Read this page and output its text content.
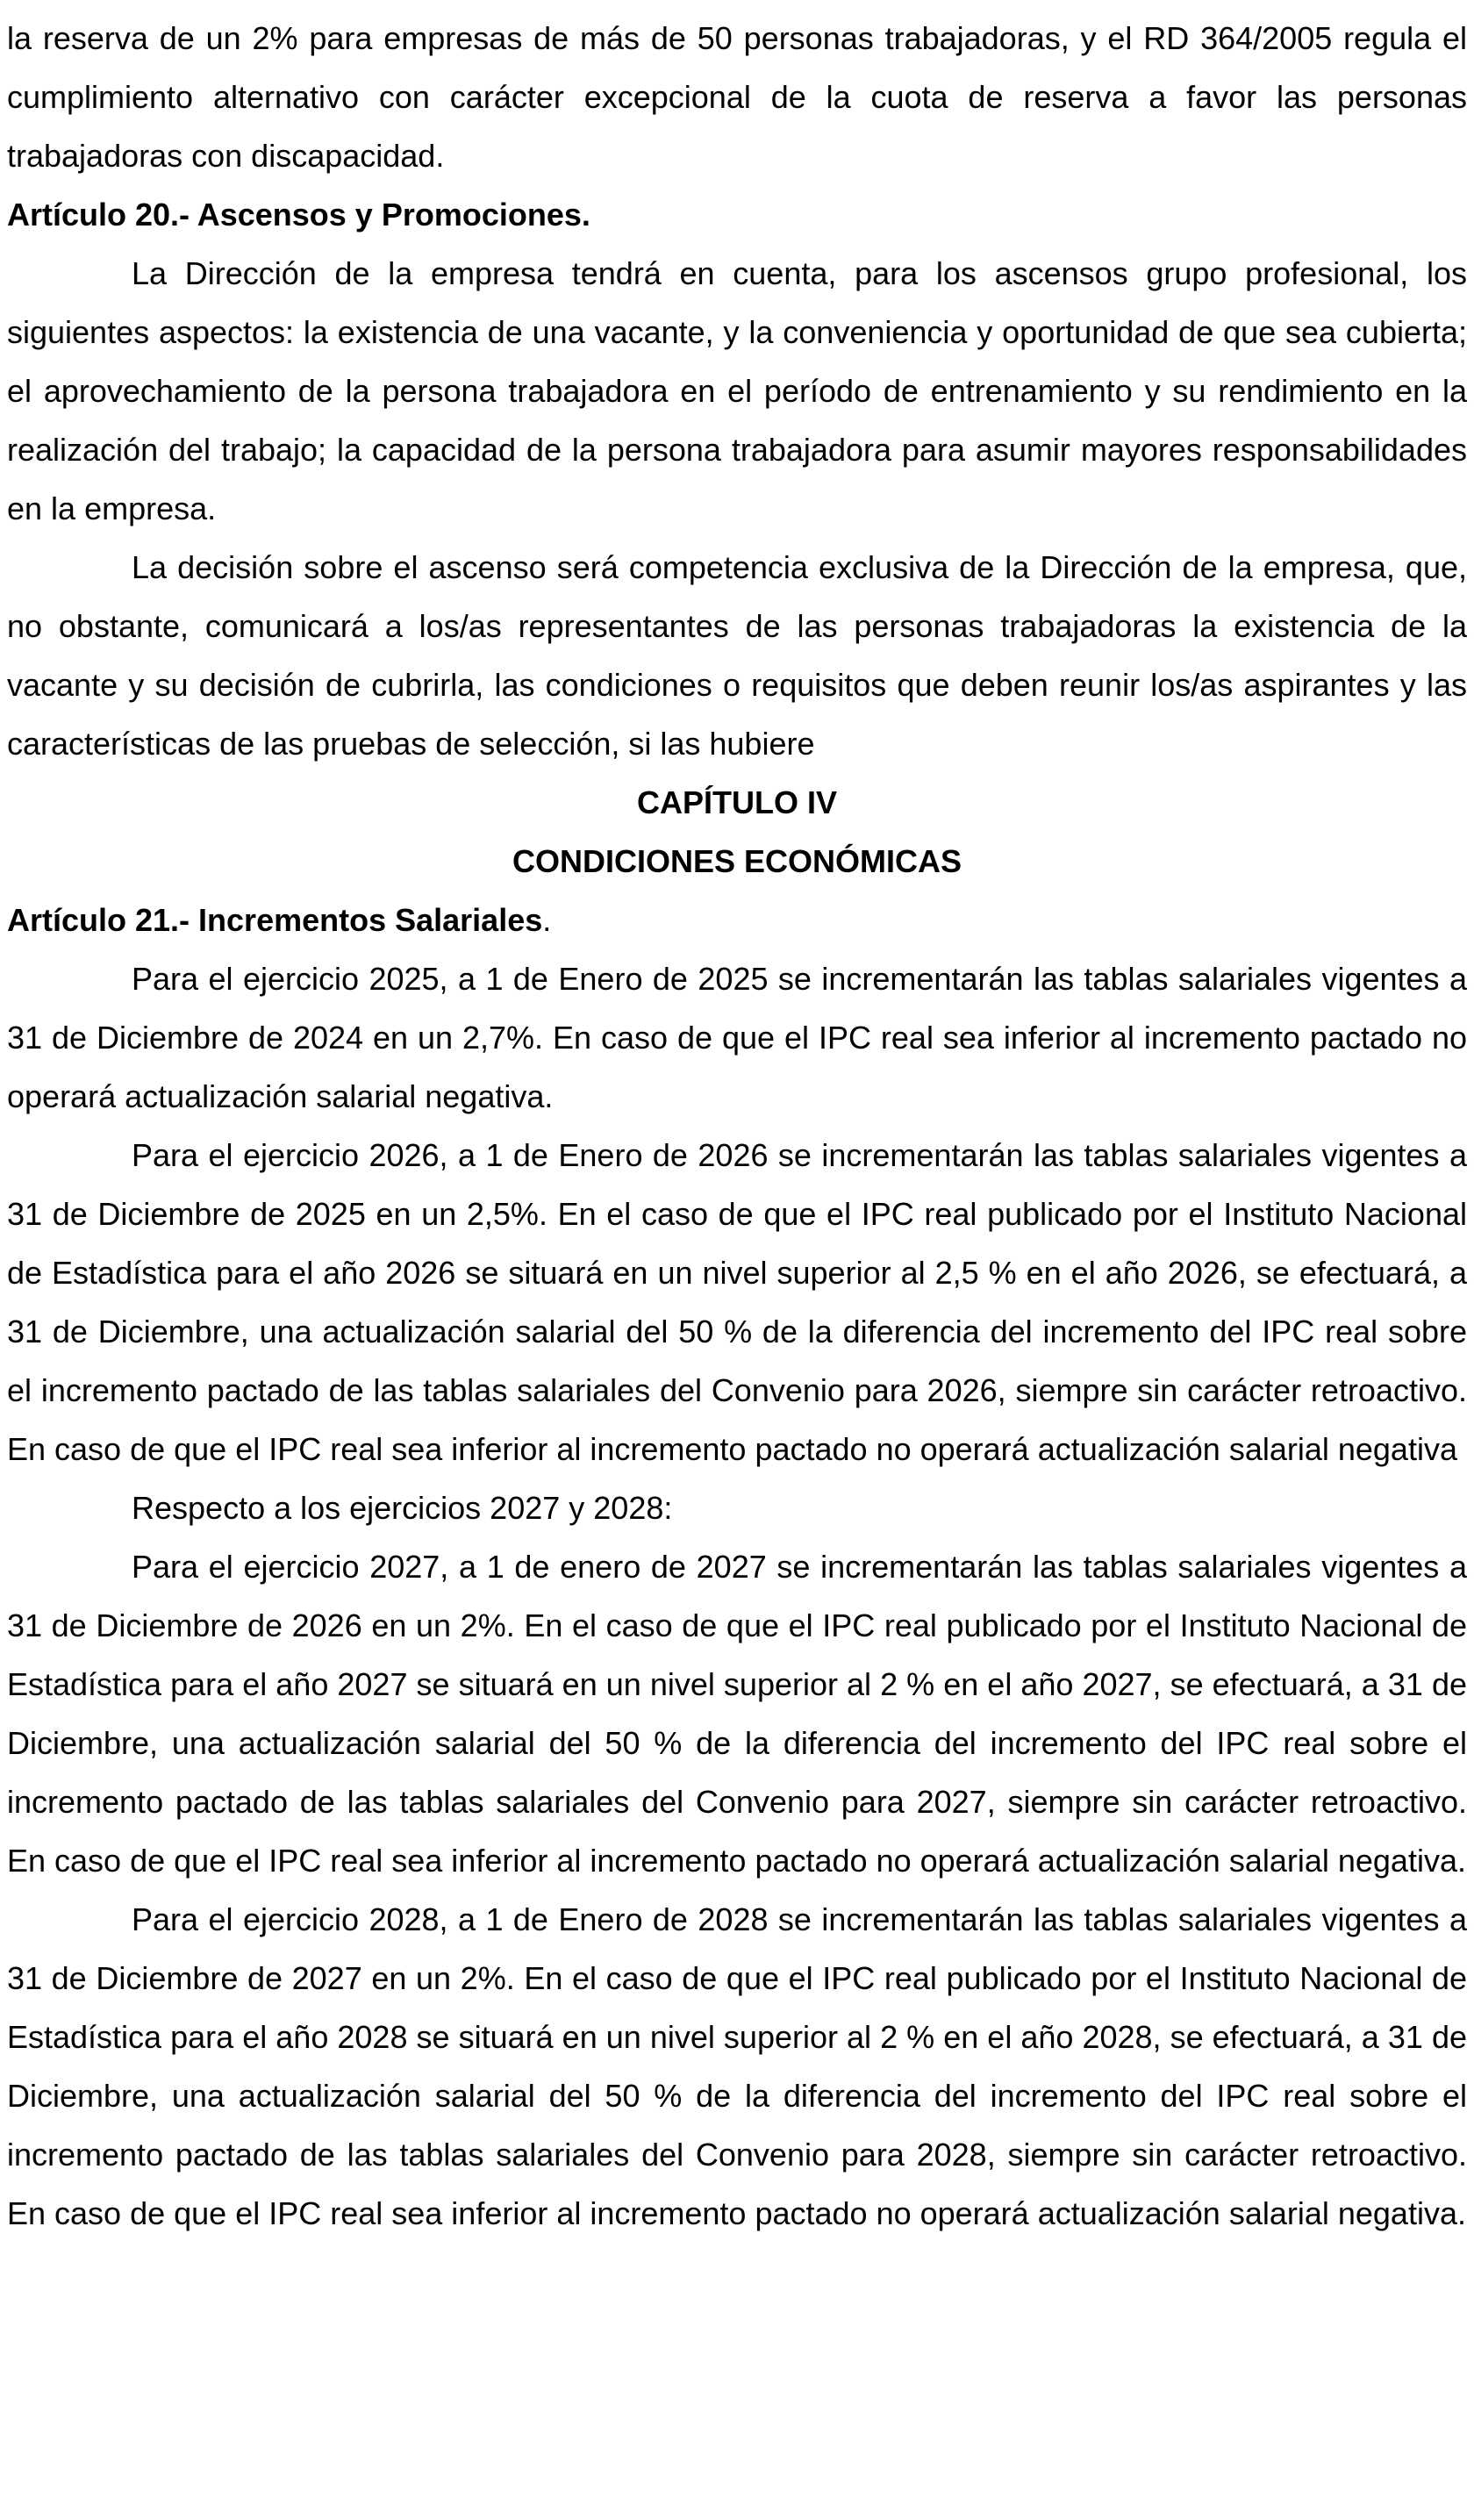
la reserva de un 2% para empresas de más de 50 personas trabajadoras, y el RD 364/2005 regula el cumplimiento alternativo con carácter excepcional de la cuota de reserva a favor las personas trabajadoras con discapacidad.

Artículo 20.- Ascensos y Promociones.

La Dirección de la empresa tendrá en cuenta, para los ascensos grupo profesional, los siguientes aspectos: la existencia de una vacante, y la conveniencia y oportunidad de que sea cubierta; el aprovechamiento de la persona trabajadora en el período de entrenamiento y su rendimiento en la realización del trabajo; la capacidad de la persona trabajadora para asumir mayores responsabilidades en la empresa.

La decisión sobre el ascenso será competencia exclusiva de la Dirección de la empresa, que, no obstante, comunicará a los/as representantes de las personas trabajadoras la existencia de la vacante y su decisión de cubrirla, las condiciones o requisitos que deben reunir los/as aspirantes y las características de las pruebas de selección, si las hubiere

CAPÍTULO IV

CONDICIONES ECONÓMICAS

Artículo 21.- Incrementos Salariales.

Para el ejercicio 2025, a 1 de Enero de 2025 se incrementarán las tablas salariales vigentes a 31 de Diciembre de 2024 en un 2,7%. En caso de que el IPC real sea inferior al incremento pactado no operará actualización salarial negativa.

Para el ejercicio 2026, a 1 de Enero de 2026 se incrementarán las tablas salariales vigentes a 31 de Diciembre de 2025 en un 2,5%. En el caso de que el IPC real publicado por el Instituto Nacional de Estadística para el año 2026 se situará en un nivel superior al 2,5 % en el año 2026, se efectuará, a 31 de Diciembre, una actualización salarial del 50 % de la diferencia del incremento del IPC real sobre el incremento pactado de las tablas salariales del Convenio para 2026, siempre sin carácter retroactivo. En caso de que el IPC real sea inferior al incremento pactado no operará actualización salarial negativa

Respecto a los ejercicios 2027 y 2028:

Para el ejercicio 2027, a 1 de enero de 2027 se incrementarán las tablas salariales vigentes a 31 de Diciembre de 2026 en un 2%. En el caso de que el IPC real publicado por el Instituto Nacional de Estadística para el año 2027 se situará en un nivel superior al 2 % en el año 2027, se efectuará, a 31 de Diciembre, una actualización salarial del 50 % de la diferencia del incremento del IPC real sobre el incremento pactado de las tablas salariales del Convenio para 2027, siempre sin carácter retroactivo. En caso de que el IPC real sea inferior al incremento pactado no operará actualización salarial negativa.

Para el ejercicio 2028, a 1 de Enero de 2028 se incrementarán las tablas salariales vigentes a 31 de Diciembre de 2027 en un 2%. En el caso de que el IPC real publicado por el Instituto Nacional de Estadística para el año 2028 se situará en un nivel superior al 2 % en el año 2028, se efectuará, a 31 de Diciembre, una actualización salarial del 50 % de la diferencia del incremento del IPC real sobre el incremento pactado de las tablas salariales del Convenio para 2028, siempre sin carácter retroactivo. En caso de que el IPC real sea inferior al incremento pactado no operará actualización salarial negativa.
